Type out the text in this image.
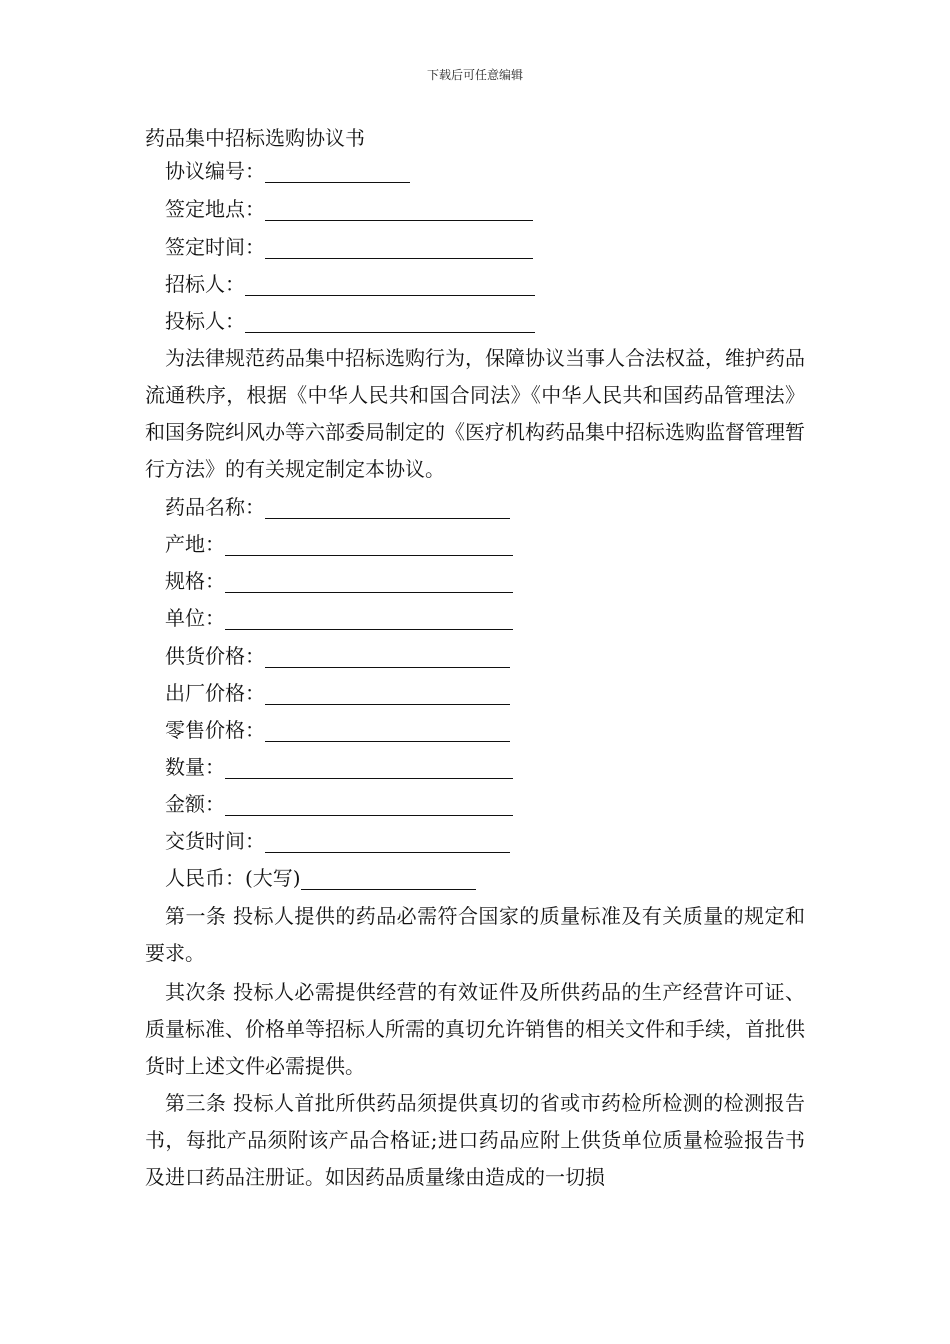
下载后可任意编辑
药品集中招标选购协议书
协议编号：
签定地点：
签定时间：
招标人：
投标人：

为法律规范药品集中招标选购行为，保障协议当事人合法权益，维护药品流通秩序，根据《中华人民共和国合同法》《中华人民共和国药品管理法》和国务院纠风办等六部委局制定的《医疗机构药品集中招标选购监督管理暂行方法》的有关规定制定本协议。

药品名称：
产地：
规格：
单位：
供货价格：
出厂价格：
零售价格：
数量：
金额：
交货时间：
人民币：(大写)

第一条 投标人提供的药品必需符合国家的质量标准及有关质量的规定和要求。

其次条 投标人必需提供经营的有效证件及所供药品的生产经营许可证、质量标准、价格单等招标人所需的真切允许销售的相关文件和手续，首批供货时上述文件必需提供。

第三条 投标人首批所供药品须提供真切的省或市药检所检测的检测报告书，每批产品须附该产品合格证;进口药品应附上供货单位质量检验报告书及进口药品注册证。如因药品质量缘由造成的一切损
